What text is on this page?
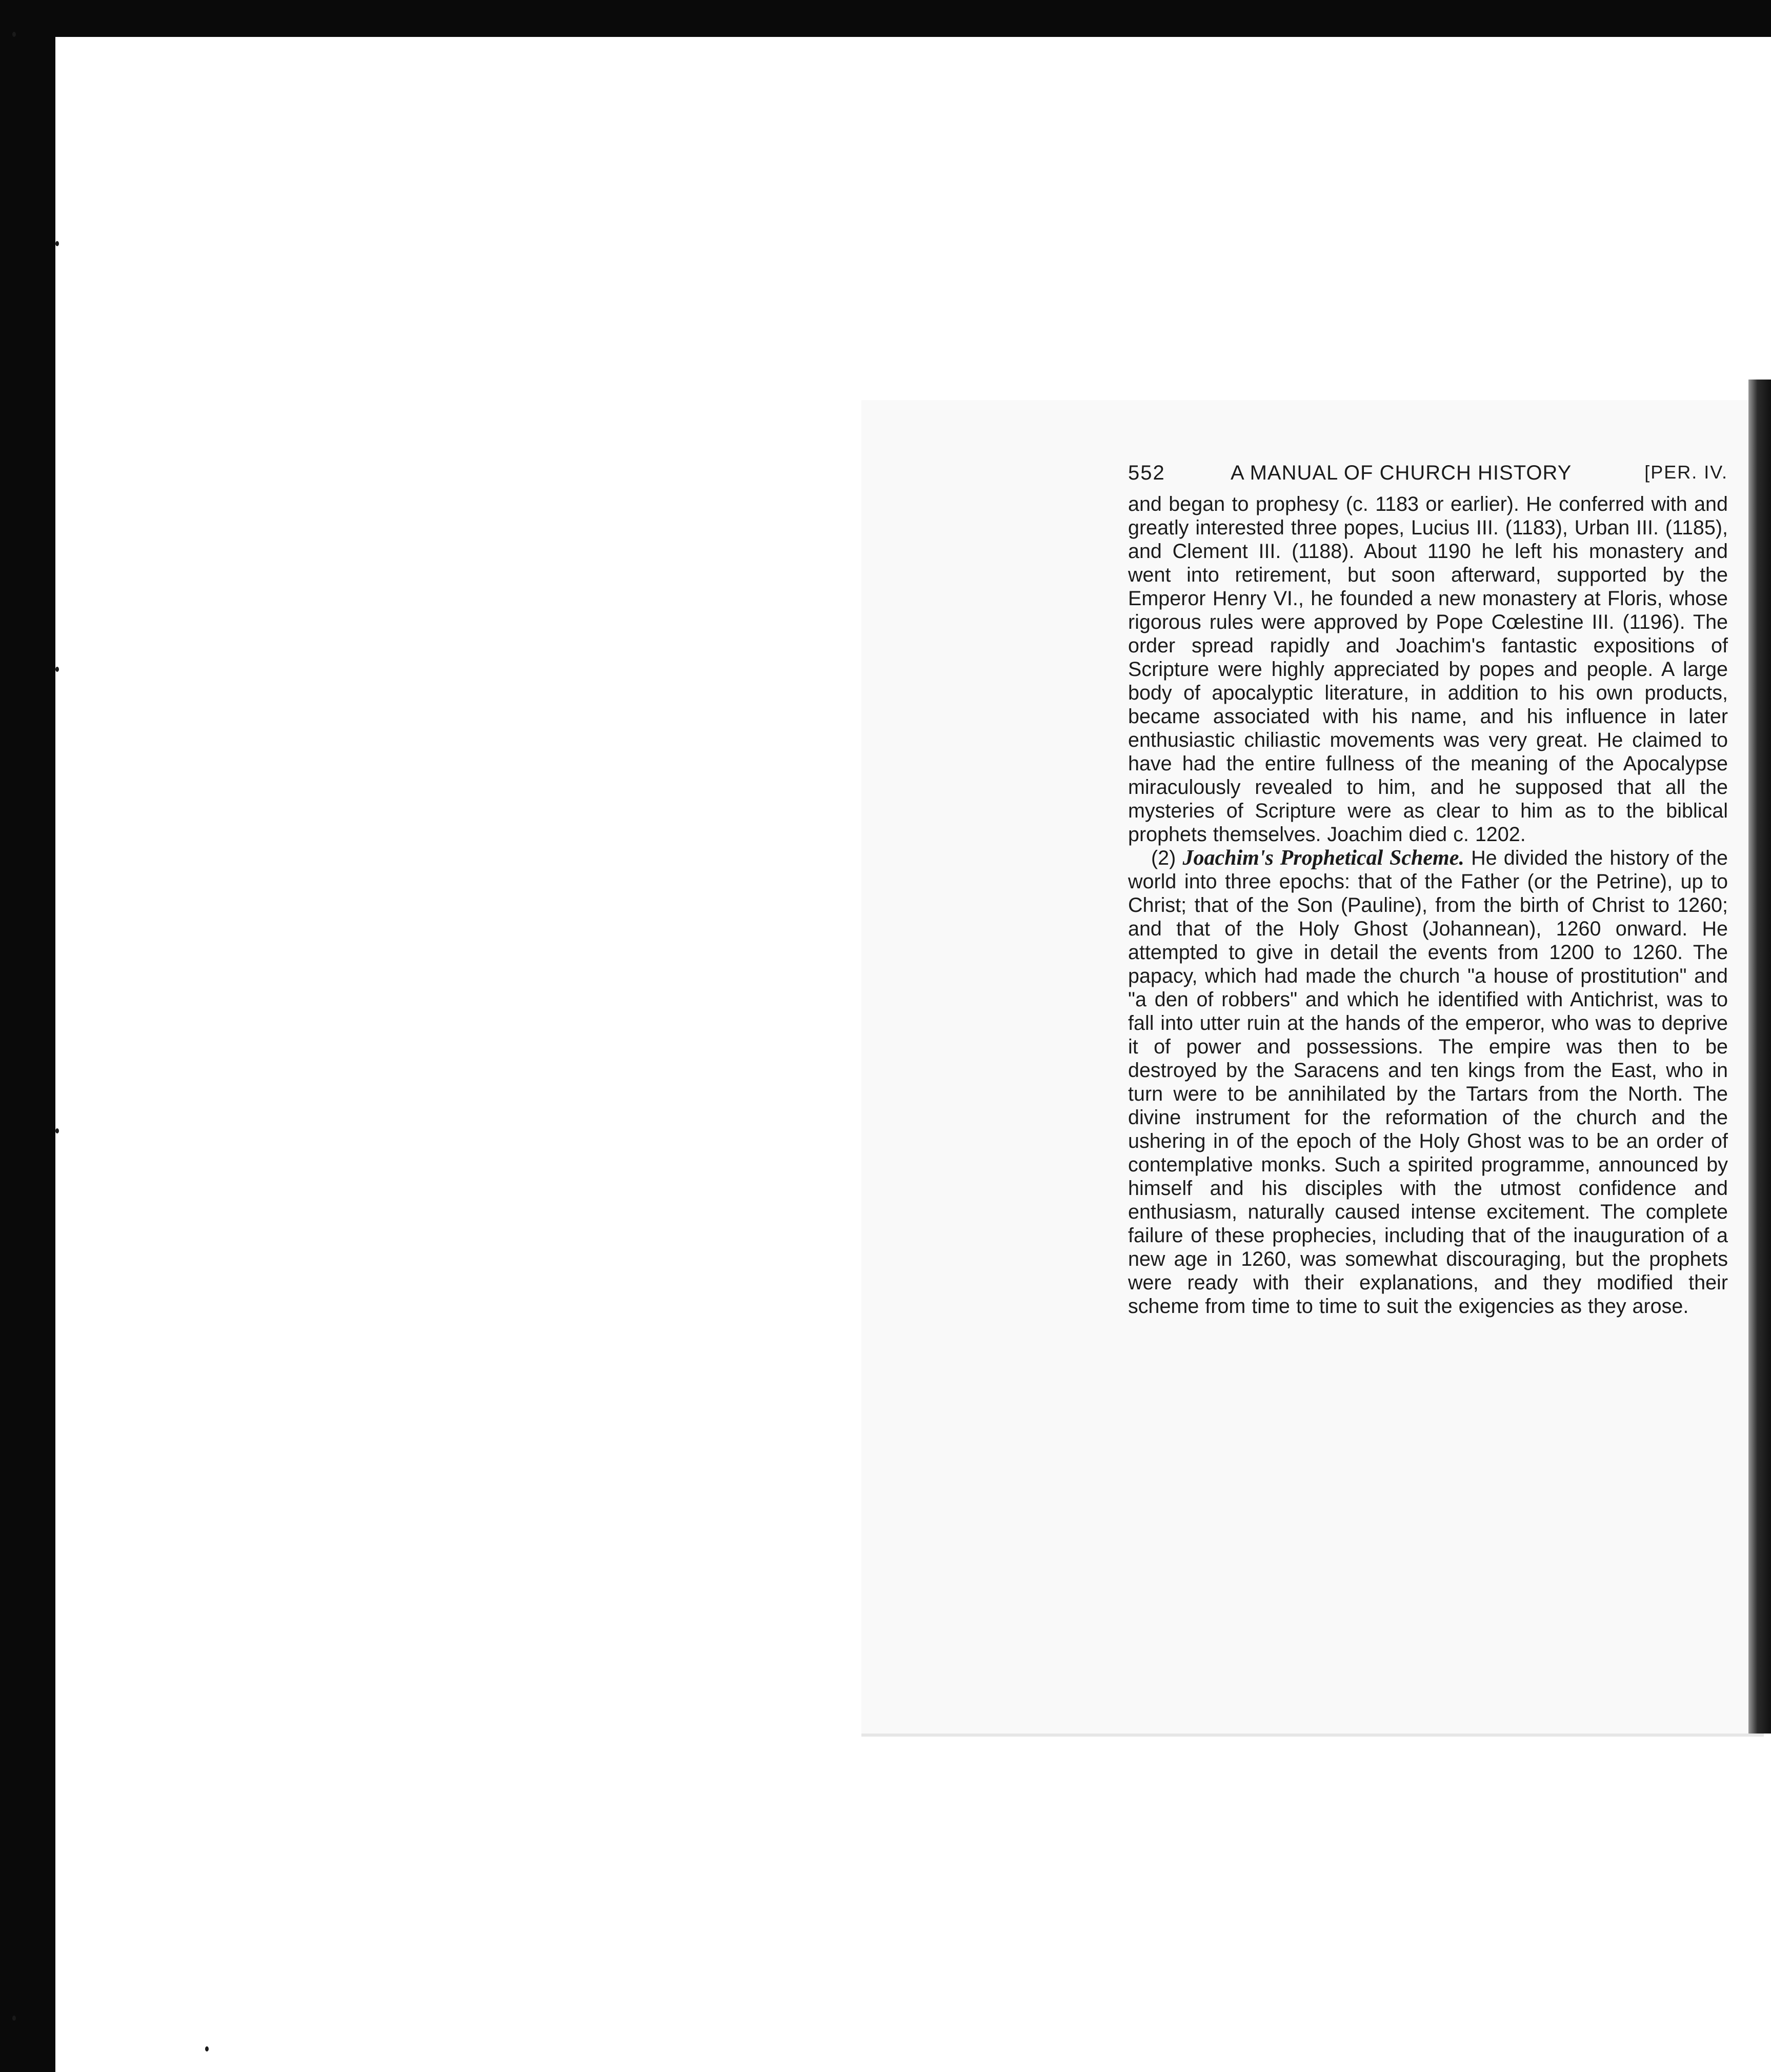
552	A MANUAL OF CHURCH HISTORY	[PER. IV.

and began to prophesy (c. 1183 or earlier). He conferred with and greatly interested three popes, Lucius III. (1183), Urban III. (1185), and Clement III. (1188). About 1190 he left his monastery and went into retirement, but soon afterward, supported by the Emperor Henry VI., he founded a new monastery at Floris, whose rigorous rules were approved by Pope Cœlestine III. (1196). The order spread rapidly and Joachim's fantastic expositions of Scripture were highly appreciated by popes and people. A large body of apocalyptic literature, in addition to his own products, became associated with his name, and his influence in later enthusiastic chiliastic movements was very great. He claimed to have had the entire fullness of the meaning of the Apocalypse miraculously revealed to him, and he supposed that all the mysteries of Scripture were as clear to him as to the biblical prophets themselves. Joachim died c. 1202.

(2) Joachim's Prophetical Scheme. He divided the history of the world into three epochs: that of the Father (or the Petrine), up to Christ; that of the Son (Pauline), from the birth of Christ to 1260; and that of the Holy Ghost (Johannean), 1260 onward. He attempted to give in detail the events from 1200 to 1260. The papacy, which had made the church "a house of prostitution" and "a den of robbers" and which he identified with Antichrist, was to fall into utter ruin at the hands of the emperor, who was to deprive it of power and possessions. The empire was then to be destroyed by the Saracens and ten kings from the East, who in turn were to be annihilated by the Tartars from the North. The divine instrument for the reformation of the church and the ushering in of the epoch of the Holy Ghost was to be an order of contemplative monks. Such a spirited programme, announced by himself and his disciples with the utmost confidence and enthusiasm, naturally caused intense excitement. The complete failure of these prophecies, including that of the inauguration of a new age in 1260, was somewhat discouraging, but the prophets were ready with their explanations, and they modified their scheme from time to time to suit the exigencies as they arose.
